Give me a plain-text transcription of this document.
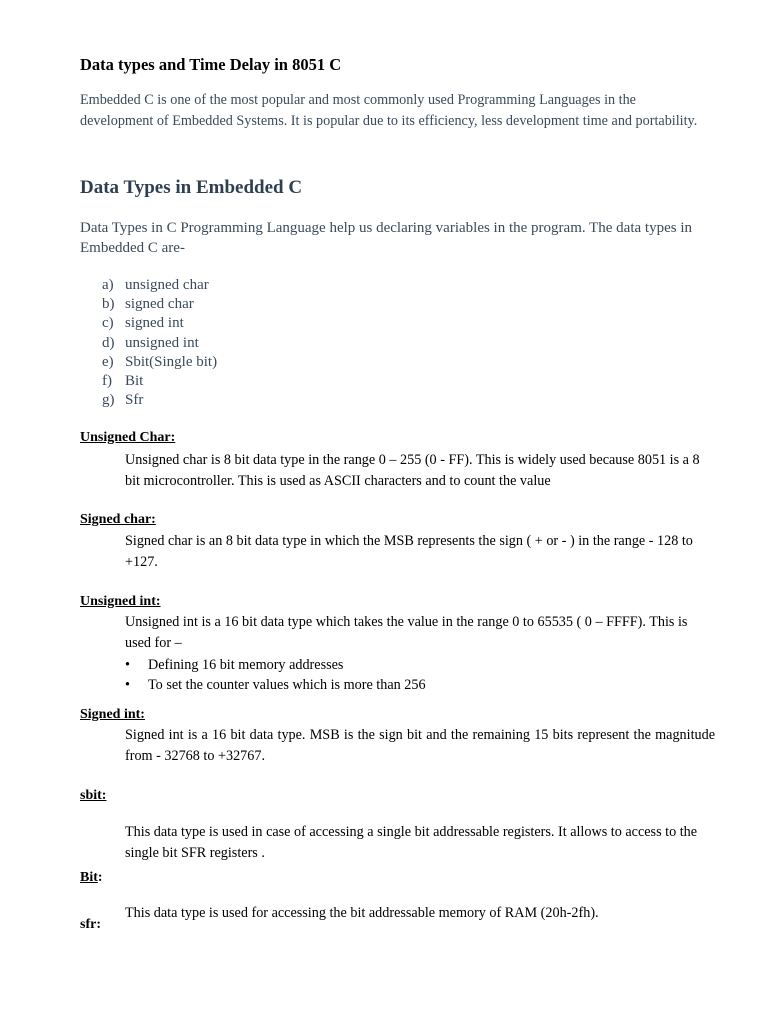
Data types and Time Delay in 8051 C

Embedded C is one of the most popular and most commonly used Programming Languages in the development of Embedded Systems. It is popular due to its efficiency, less development time and portability.

Data Types in Embedded C

Data Types in C Programming Language help us declaring variables in the program. The data types in Embedded C are-

a) unsigned char
b) signed char
c) signed int
d) unsigned int
e) Sbit(Single bit)
f) Bit
g) Sfr
Unsigned Char:

Unsigned char is 8 bit data type in the range 0 – 255 (0 - FF). This is widely used because 8051 is a 8 bit microcontroller. This is used as ASCII characters and to count the value

Signed char:

Signed char is an 8 bit data type in which the MSB represents the sign ( + or - ) in the range - 128 to +127.

Unsigned int:

Unsigned int is a 16 bit data type which takes the value in the range 0 to 65535 ( 0 – FFFF). This is used for –

•	Defining 16 bit memory addresses
•	To set the counter values which is more than 256
Signed int:

Signed int is a 16 bit data type. MSB is the sign bit and the remaining 15 bits represent the magnitude from - 32768 to +32767.

sbit:

This data type is used in case of accessing a single bit addressable registers. It allows to access to the single bit SFR registers .

Bit:

This data type is used for accessing the bit addressable memory of RAM (20h-2fh).

sfr:
